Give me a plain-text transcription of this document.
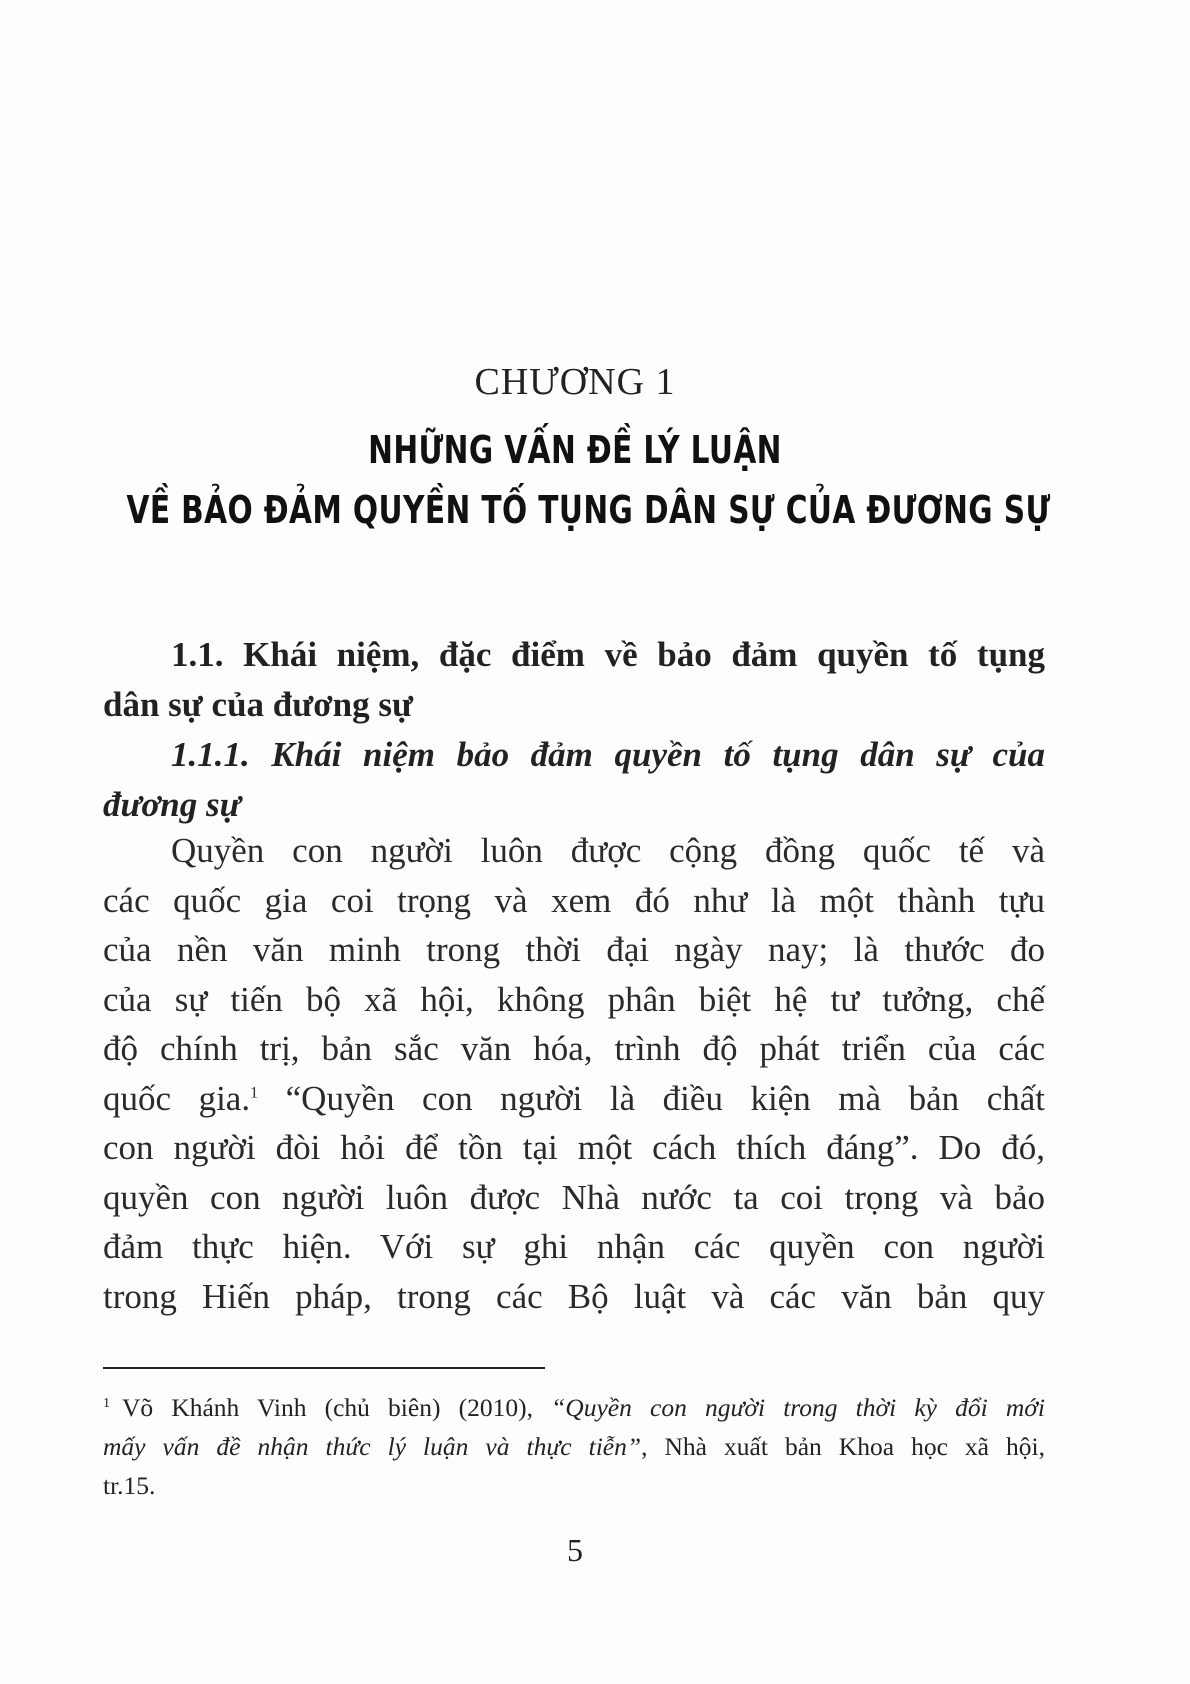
CHƯƠNG 1
NHỮNG VẤN ĐỀ LÝ LUẬN
VỀ BẢO ĐẢM QUYỀN TỐ TỤNG DÂN SỰ CỦA ĐƯƠNG SỰ
1.1. Khái niệm, đặc điểm về bảo đảm quyền tố tụng
dân sự của đương sự
1.1.1. Khái niệm bảo đảm quyền tố tụng dân sự của
đương sự
Quyền con người luôn được cộng đồng quốc tế và
các quốc gia coi trọng và xem đó như là một thành tựu
của nền văn minh trong thời đại ngày nay; là thước đo
của sự tiến bộ xã hội, không phân biệt hệ tư tưởng, chế
độ chính trị, bản sắc văn hóa, trình độ phát triển của các
quốc gia.$^1$ “Quyền con người là điều kiện mà bản chất
con người đòi hỏi để tồn tại một cách thích đáng”. Do đó,
quyền con người luôn được Nhà nước ta coi trọng và bảo
đảm thực hiện. Với sự ghi nhận các quyền con người
trong Hiến pháp, trong các Bộ luật và các văn bản quy
$^1$ Võ Khánh Vinh (chủ biên) (2010), “Quyền con người trong thời kỳ đổi mới
mấy vấn đề nhận thức lý luận và thực tiễn”, Nhà xuất bản Khoa học xã hội,
tr.15.
5
